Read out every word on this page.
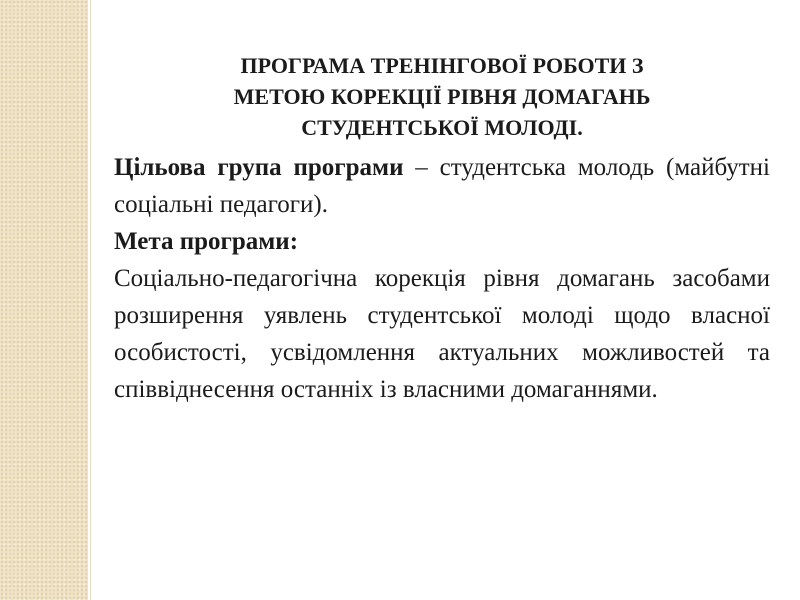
ПРОГРАМА ТРЕНІНГОВОЇ РОБОТИ З
МЕТОЮ КОРЕКЦІЇ РІВНЯ ДОМАГАНЬ
СТУДЕНТСЬКОЇ МОЛОДІ.

Цільова група програми – студентська молодь (майбутні соціальні педагоги).

Мета програми:

Соціально-педагогічна корекція рівня домагань засобами розширення уявлень студентської молоді щодо власної особистості, усвідомлення актуальних можливостей та співвіднесення останніх із власними домаганнями.
